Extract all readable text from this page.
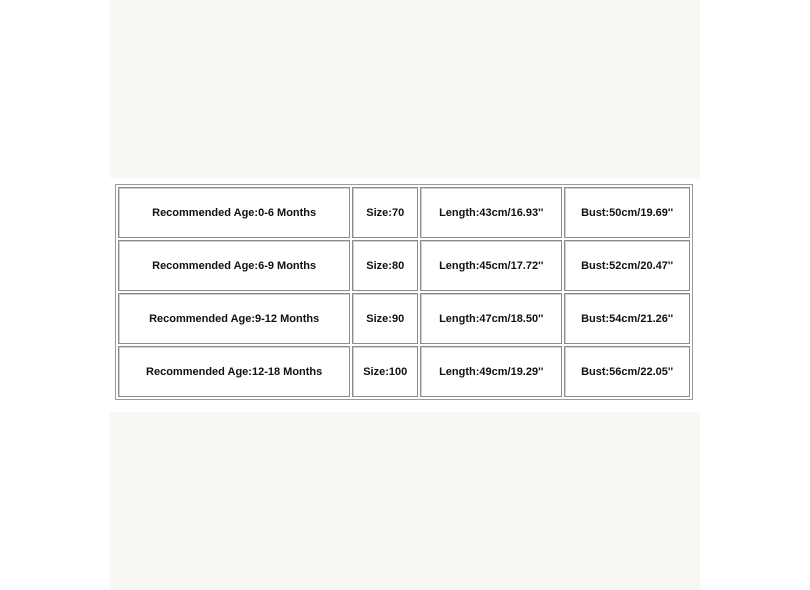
Recommended Age:0-6 Months	Size:70	Length:43cm/16.93''	Bust:50cm/19.69''
Recommended Age:6-9 Months	Size:80	Length:45cm/17.72''	Bust:52cm/20.47''
Recommended Age:9-12 Months	Size:90	Length:47cm/18.50''	Bust:54cm/21.26''
Recommended Age:12-18 Months	Size:100	Length:49cm/19.29''	Bust:56cm/22.05''
